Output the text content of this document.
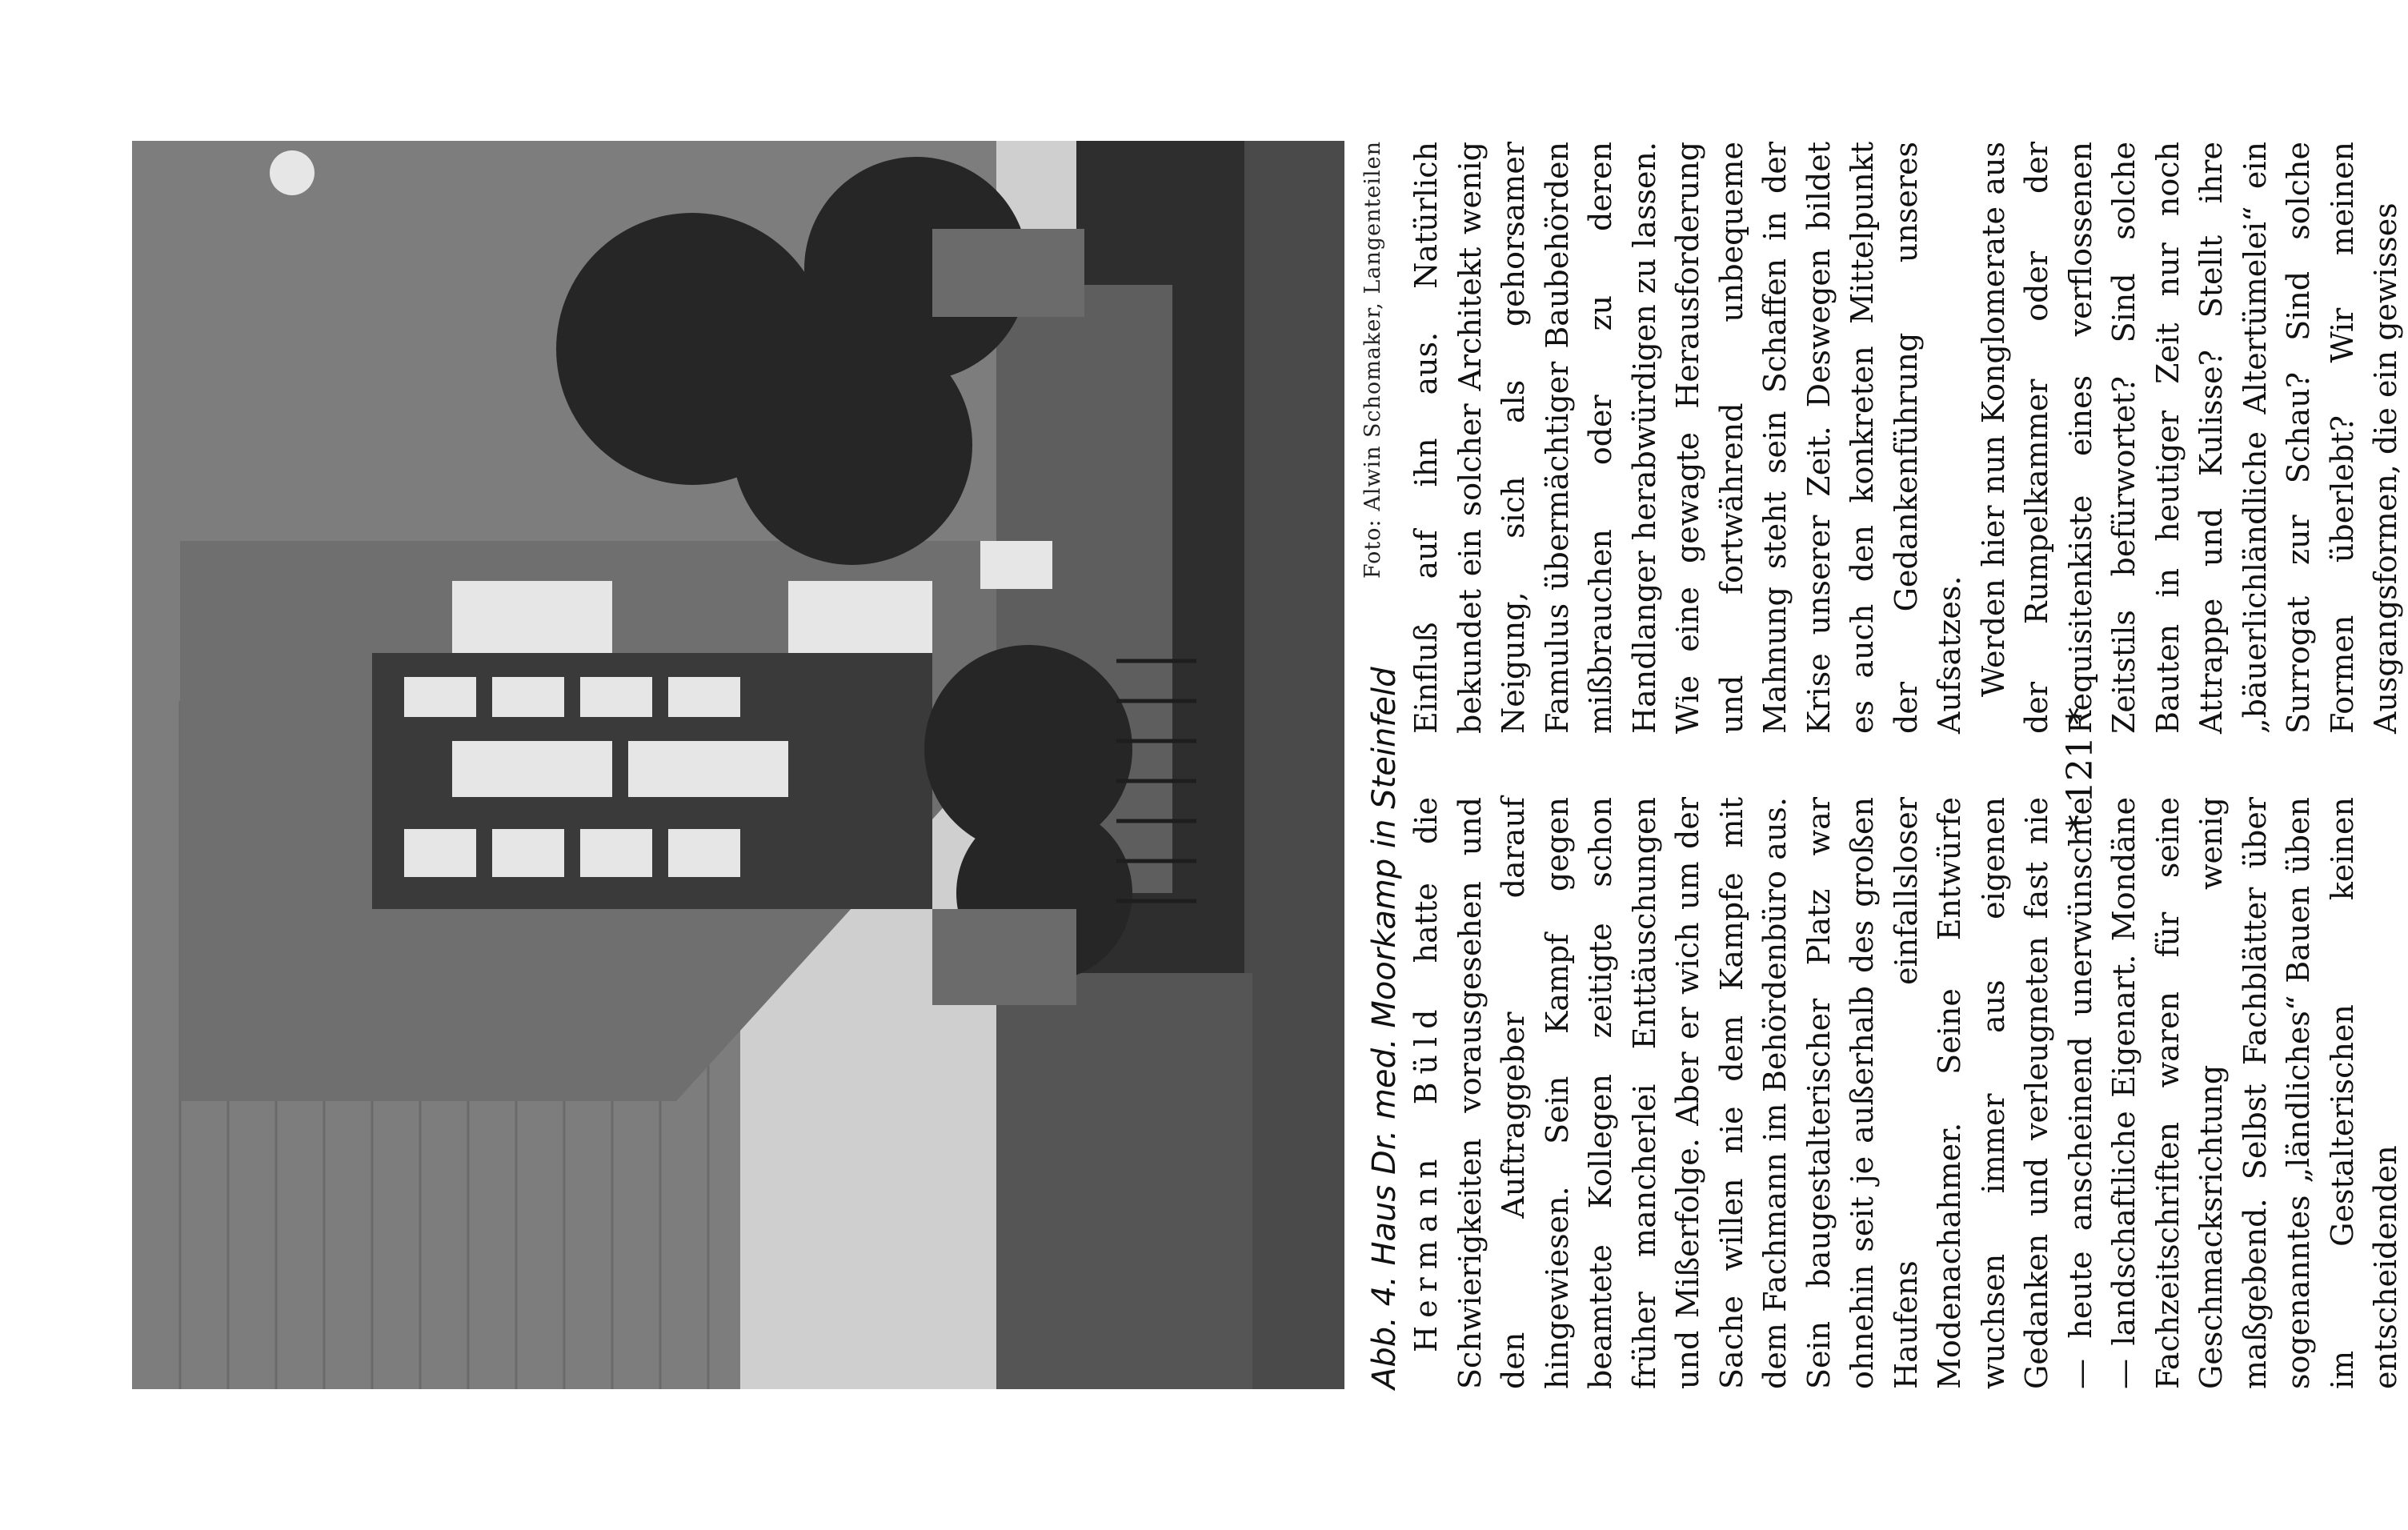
Abb. 4. Haus Dr. med. Moorkamp in Steinfeld
Foto: Alwin Schomaker, Langenteilen

Hermann Büld hatte die Schwierigkeiten vorausgesehen und den Auftraggeber darauf hingewiesen. Sein Kampf gegen beamtete Kollegen zeitigte schon früher mancherlei Enttäuschungen und Mißerfolge. Aber er wich um der Sache willen nie dem Kampfe mit dem Fachmann im Behördenbüro aus. Sein baugestalterischer Platz war ohnehin seit je außerhalb des großen Haufens einfallsloser Modenachahmer. Seine Entwürfe wuchsen immer aus eigenen Gedanken und verleugneten fast nie — heute anscheinend unerwünschte — landschaftliche Eigenart. Mondäne Fachzeitschriften waren für seine Geschmacksrichtung wenig maßgebend. Selbst Fachblätter über sogenanntes „ländliches“ Bauen üben im Gestalterischen keinen entscheidenden

Einfluß auf ihn aus. Natürlich bekundet ein solcher Architekt wenig Neigung, sich als gehorsamer Famulus übermächtiger Baubehörden mißbrauchen oder zu deren Handlanger herabwürdigen zu lassen. Wie eine gewagte Herausforderung und fortwährend unbequeme Mahnung steht sein Schaffen in der Krise unserer Zeit. Deswegen bildet es auch den konkreten Mittelpunkt der Gedankenführung unseres Aufsatzes. Werden hier nun Konglomerate aus der Rumpelkammer oder der Requisitenkiste eines verflossenen Zeitstils befürwortet? Sind solche Bauten in heutiger Zeit nur noch Attrappe und Kulisse? Stellt ihre „bäuerlichländliche Altertümelei“ ein Surrogat zur Schau? Sind solche Formen überlebt? Wir meinen Ausgangsformen, die ein gewisses

* 121 *
